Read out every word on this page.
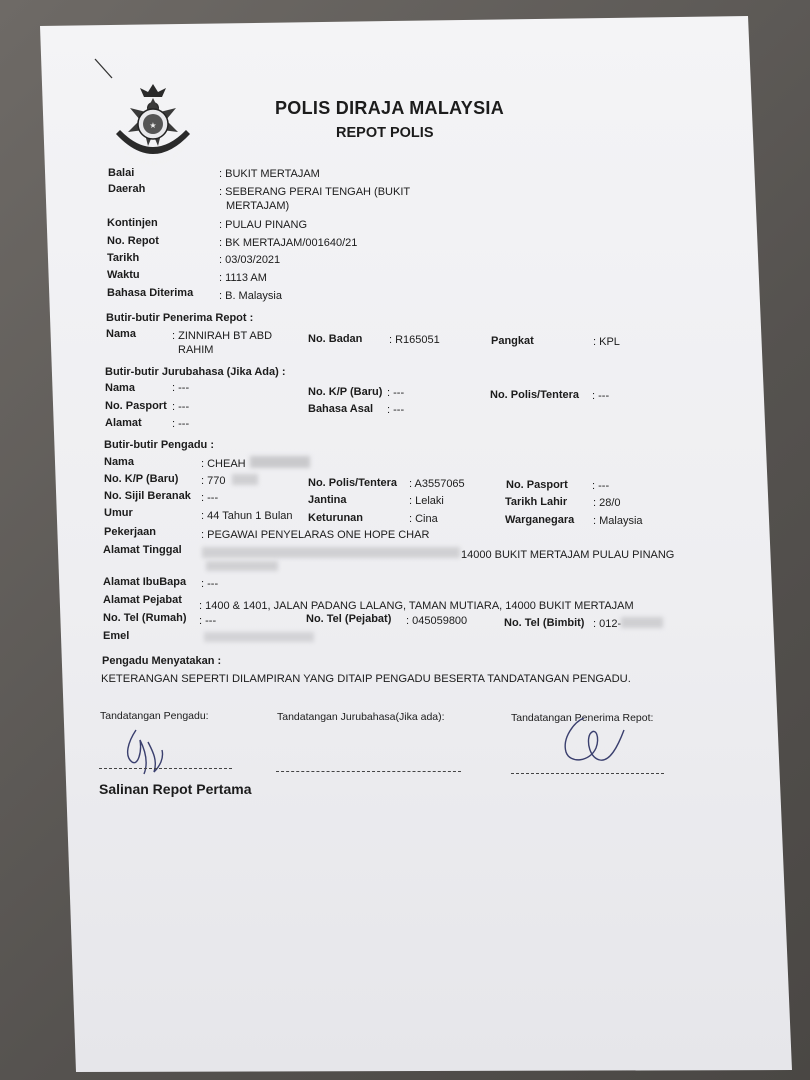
★
POLIS DIRAJA MALAYSIA
POLIS DIRAJA MALAYSIA
REPOT POLIS
Balai	: BUKIT MERTAJAM
Daerah	: SEBERANG PERAI TENGAH (BUKIT
MERTAJAM)
Kontinjen	: PULAU PINANG
No. Repot	: BK MERTAJAM/001640/21
Tarikh	: 03/03/2021
Waktu	: 1113 AM
Bahasa Diterima : B. Malaysia
Butir-butir Penerima Repot :
Nama	: ZINNIRAH BT ABD
RAHIM
No. Badan : R165051	Pangkat	: KPL
Butir-butir Jurubahasa (Jika Ada) :
Nama	: ---	No. K/P (Baru) : ---	No. Polis/Tentera : ---
No. Pasport : ---	Bahasa Asal : ---
Alamat	: ---
Butir-butir Pengadu :
Nama	: CHEAH
No. K/P (Baru) : 770	No. Polis/Tentera : A3557065	No. Pasport : ---
No. Sijil Beranak : ---	Jantina	: Lelaki	Tarikh Lahir : 28/0
Umur	: 44 Tahun 1 Bulan Keturunan	: Cina	Warganegara : Malaysia
Pekerjaan	: PEGAWAI PENYELARAS ONE HOPE CHAR
Alamat Tinggal	14000 BUKIT MERTAJAM PULAU PINANG
Alamat IbuBapa : ---
Alamat Pejabat : 1400 & 1401, JALAN PADANG LALANG, TAMAN MUTIARA, 14000 BUKIT MERTAJAM
No. Tel (Rumah) : ---	No. Tel (Pejabat) : 045059800	No. Tel (Bimbit) : 012-
Emel
Pengadu Menyatakan :
KETERANGAN SEPERTI DILAMPIRAN YANG DITAIP PENGADU BESERTA TANDATANGAN PENGADU.
Tandatangan Pengadu:	Tandatangan Jurubahasa(Jika ada):	Tandatangan Penerima Repot:
Salinan Repot Pertama
